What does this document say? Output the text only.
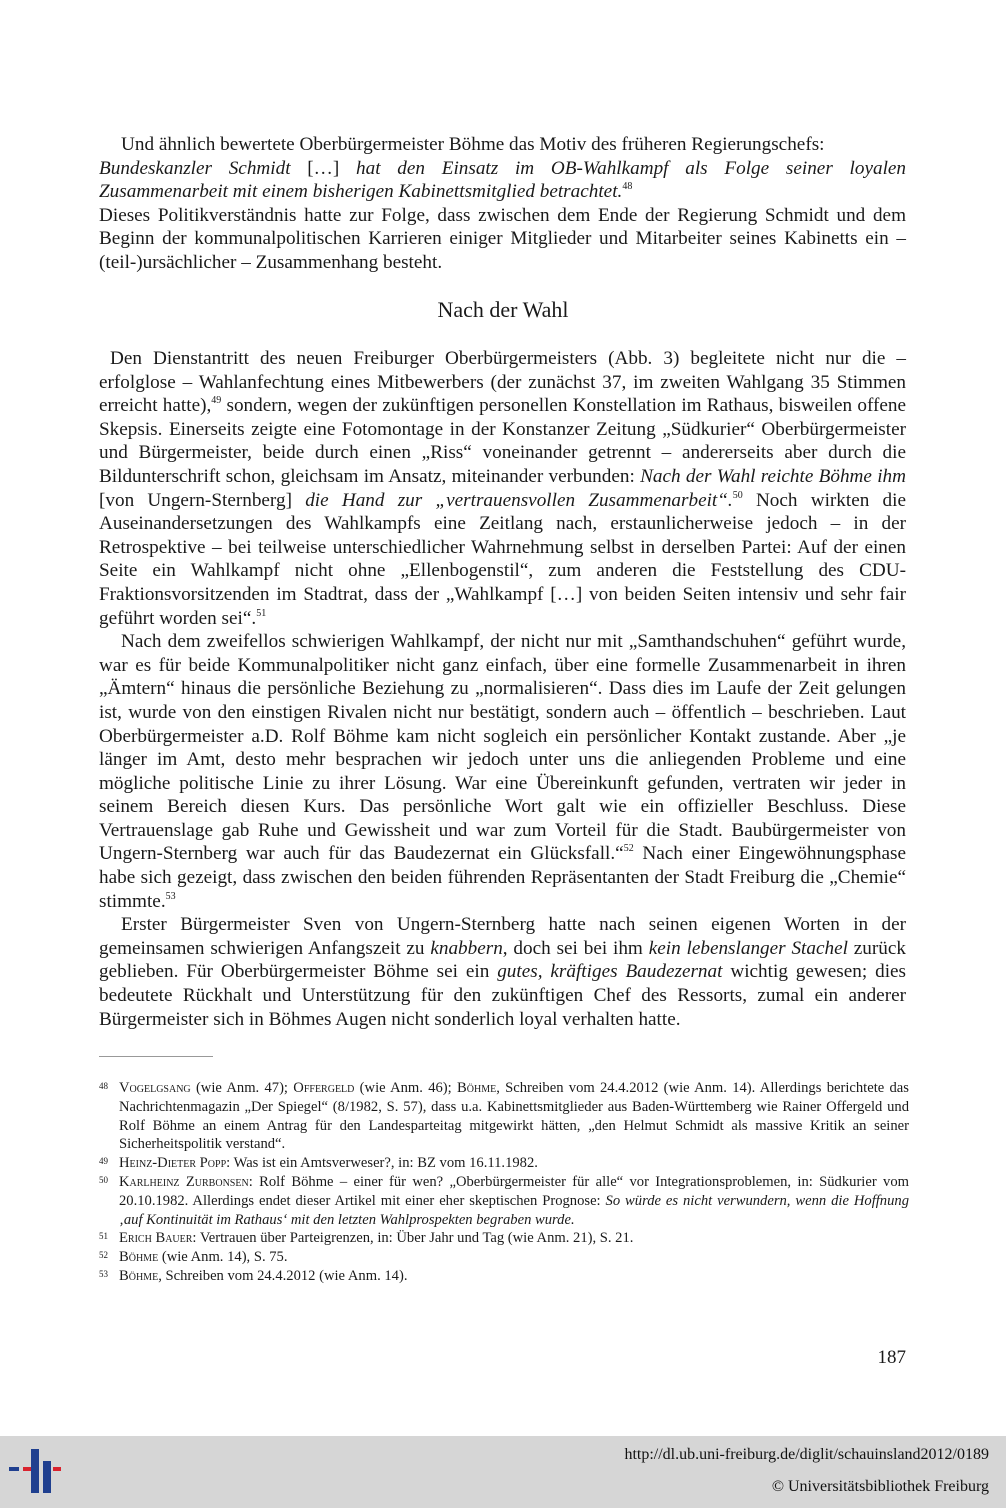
Und ähnlich bewertete Oberbürgermeister Böhme das Motiv des früheren Regierungschefs:
Bundeskanzler Schmidt […] hat den Einsatz im OB-Wahlkampf als Folge seiner loyalen Zusammenarbeit mit einem bisherigen Kabinettsmitglied betrachtet.$^{48}$

Dieses Politikverständnis hatte zur Folge, dass zwischen dem Ende der Regierung Schmidt und dem Beginn der kommunalpolitischen Karrieren einiger Mitglieder und Mitarbeiter seines Kabinetts ein – (teil-)ursächlicher – Zusammenhang besteht.

Nach der Wahl

Den Dienstantritt des neuen Freiburger Oberbürgermeisters (Abb. 3) begleitete nicht nur die – erfolglose – Wahlanfechtung eines Mitbewerbers (der zunächst 37, im zweiten Wahlgang 35 Stimmen erreicht hatte),$^{49}$ sondern, wegen der zukünftigen personellen Konstellation im Rathaus, bisweilen offene Skepsis. Einerseits zeigte eine Fotomontage in der Konstanzer Zeitung „Südkurier“ Oberbürgermeister und Bürgermeister, beide durch einen „Riss“ voneinander getrennt – andererseits aber durch die Bildunterschrift schon, gleichsam im Ansatz, miteinander verbunden: Nach der Wahl reichte Böhme ihm [von Ungern-Sternberg] die Hand zur „vertrauensvollen Zusammenarbeit“.$^{50}$ Noch wirkten die Auseinandersetzungen des Wahlkampfs eine Zeitlang nach, erstaunlicherweise jedoch – in der Retrospektive – bei teilweise unterschiedlicher Wahrnehmung selbst in derselben Partei: Auf der einen Seite ein Wahlkampf nicht ohne „Ellenbogenstil“, zum anderen die Feststellung des CDU-Fraktionsvorsitzenden im Stadtrat, dass der „Wahlkampf […] von beiden Seiten intensiv und sehr fair geführt worden sei“.$^{51}$

Nach dem zweifellos schwierigen Wahlkampf, der nicht nur mit „Samthandschuhen“ geführt wurde, war es für beide Kommunalpolitiker nicht ganz einfach, über eine formelle Zusammenarbeit in ihren „Ämtern“ hinaus die persönliche Beziehung zu „normalisieren“. Dass dies im Laufe der Zeit gelungen ist, wurde von den einstigen Rivalen nicht nur bestätigt, sondern auch – öffentlich – beschrieben. Laut Oberbürgermeister a.D. Rolf Böhme kam nicht sogleich ein persönlicher Kontakt zustande. Aber „je länger im Amt, desto mehr besprachen wir jedoch unter uns die anliegenden Probleme und eine mögliche politische Linie zu ihrer Lösung. War eine Übereinkunft gefunden, vertraten wir jeder in seinem Bereich diesen Kurs. Das persönliche Wort galt wie ein offizieller Beschluss. Diese Vertrauenslage gab Ruhe und Gewissheit und war zum Vorteil für die Stadt. Baubürgermeister von Ungern-Sternberg war auch für das Baudezernat ein Glücksfall.“$^{52}$ Nach einer Eingewöhnungsphase habe sich gezeigt, dass zwischen den beiden führenden Repräsentanten der Stadt Freiburg die „Chemie“ stimmte.$^{53}$

Erster Bürgermeister Sven von Ungern-Sternberg hatte nach seinen eigenen Worten in der gemeinsamen schwierigen Anfangszeit zu knabbern, doch sei bei ihm kein lebenslanger Stachel zurück geblieben. Für Oberbürgermeister Böhme sei ein gutes, kräftiges Baudezernat wichtig gewesen; dies bedeutete Rückhalt und Unterstützung für den zukünftigen Chef des Ressorts, zumal ein anderer Bürgermeister sich in Böhmes Augen nicht sonderlich loyal verhalten hatte.

48 Vogelgsang (wie Anm. 47); Offergeld (wie Anm. 46); Böhme, Schreiben vom 24.4.2012 (wie Anm. 14). Allerdings berichtete das Nachrichtenmagazin „Der Spiegel“ (8/1982, S. 57), dass u.a. Kabinettsmitglieder aus Baden-Württemberg wie Rainer Offergeld und Rolf Böhme an einem Antrag für den Landesparteitag mitgewirkt hätten, „den Helmut Schmidt als massive Kritik an seiner Sicherheitspolitik verstand“.
49 Heinz-Dieter Popp: Was ist ein Amtsverweser?, in: BZ vom 16.11.1982.
50 Karlheinz Zurbonsen: Rolf Böhme – einer für wen? „Oberbürgermeister für alle“ vor Integrationsproblemen, in: Südkurier vom 20.10.1982. Allerdings endet dieser Artikel mit einer eher skeptischen Prognose: So würde es nicht verwundern, wenn die Hoffnung ‚auf Kontinuität im Rathaus‘ mit den letzten Wahlprospekten begraben wurde.
51 Erich Bauer: Vertrauen über Parteigrenzen, in: Über Jahr und Tag (wie Anm. 21), S. 21.
52 Böhme (wie Anm. 14), S. 75.
53 Böhme, Schreiben vom 24.4.2012 (wie Anm. 14).
187
http://dl.ub.uni-freiburg.de/diglit/schauinsland2012/0189
© Universitätsbibliothek Freiburg
